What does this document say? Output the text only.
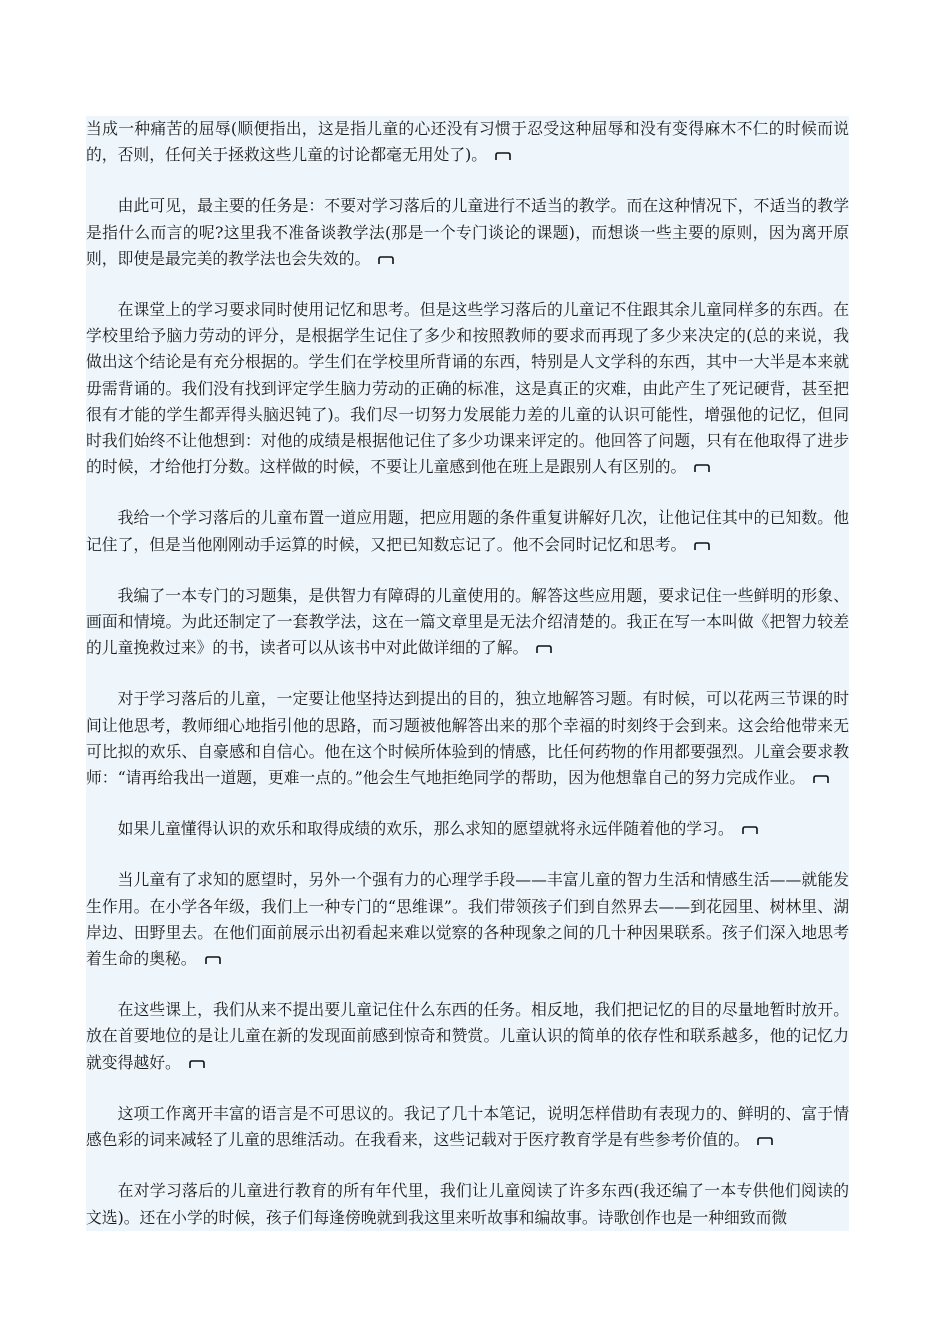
当成一种痛苦的屈辱(顺便指出，这是指儿童的心还没有习惯于忍受这种屈辱和没有变得麻木不仁的时候而说的，否则，任何关于拯救这些儿童的讨论都毫无用处了)。

由此可见，最主要的任务是：不要对学习落后的儿童进行不适当的教学。而在这种情况下，不适当的教学是指什么而言的呢?这里我不准备谈教学法(那是一个专门谈论的课题)，而想谈一些主要的原则，因为离开原则，即使是最完美的教学法也会失效的。

在课堂上的学习要求同时使用记忆和思考。但是这些学习落后的儿童记不住跟其余儿童同样多的东西。在学校里给予脑力劳动的评分，是根据学生记住了多少和按照教师的要求而再现了多少来决定的(总的来说，我做出这个结论是有充分根据的。学生们在学校里所背诵的东西，特别是人文学科的东西，其中一大半是本来就毋需背诵的。我们没有找到评定学生脑力劳动的正确的标准，这是真正的灾难，由此产生了死记硬背，甚至把很有才能的学生都弄得头脑迟钝了)。我们尽一切努力发展能力差的儿童的认识可能性，增强他的记忆，但同时我们始终不让他想到：对他的成绩是根据他记住了多少功课来评定的。他回答了问题，只有在他取得了进步的时候，才给他打分数。这样做的时候，不要让儿童感到他在班上是跟别人有区别的。

我给一个学习落后的儿童布置一道应用题，把应用题的条件重复讲解好几次，让他记住其中的已知数。他记住了，但是当他刚刚动手运算的时候，又把已知数忘记了。他不会同时记忆和思考。

我编了一本专门的习题集，是供智力有障碍的儿童使用的。解答这些应用题，要求记住一些鲜明的形象、画面和情境。为此还制定了一套教学法，这在一篇文章里是无法介绍清楚的。我正在写一本叫做《把智力较差的儿童挽救过来》的书，读者可以从该书中对此做详细的了解。

对于学习落后的儿童，一定要让他坚持达到提出的目的，独立地解答习题。有时候，可以花两三节课的时间让他思考，教师细心地指引他的思路，而习题被他解答出来的那个幸福的时刻终于会到来。这会给他带来无可比拟的欢乐、自豪感和自信心。他在这个时候所体验到的情感，比任何药物的作用都要强烈。儿童会要求教师：“请再给我出一道题，更难一点的。”他会生气地拒绝同学的帮助，因为他想靠自己的努力完成作业。

如果儿童懂得认识的欢乐和取得成绩的欢乐，那么求知的愿望就将永远伴随着他的学习。

当儿童有了求知的愿望时，另外一个强有力的心理学手段——丰富儿童的智力生活和情感生活——就能发生作用。在小学各年级，我们上一种专门的“思维课”。我们带领孩子们到自然界去——到花园里、树林里、湖岸边、田野里去。在他们面前展示出初看起来难以觉察的各种现象之间的几十种因果联系。孩子们深入地思考着生命的奥秘。

在这些课上，我们从来不提出要儿童记住什么东西的任务。相反地，我们把记忆的目的尽量地暂时放开。放在首要地位的是让儿童在新的发现面前感到惊奇和赞赏。儿童认识的简单的依存性和联系越多，他的记忆力就变得越好。

这项工作离开丰富的语言是不可思议的。我记了几十本笔记，说明怎样借助有表现力的、鲜明的、富于情感色彩的词来减轻了儿童的思维活动。在我看来，这些记载对于医疗教育学是有些参考价值的。

在对学习落后的儿童进行教育的所有年代里，我们让儿童阅读了许多东西(我还编了一本专供他们阅读的文选)。还在小学的时候，孩子们每逢傍晚就到我这里来听故事和编故事。诗歌创作也是一种细致而微
